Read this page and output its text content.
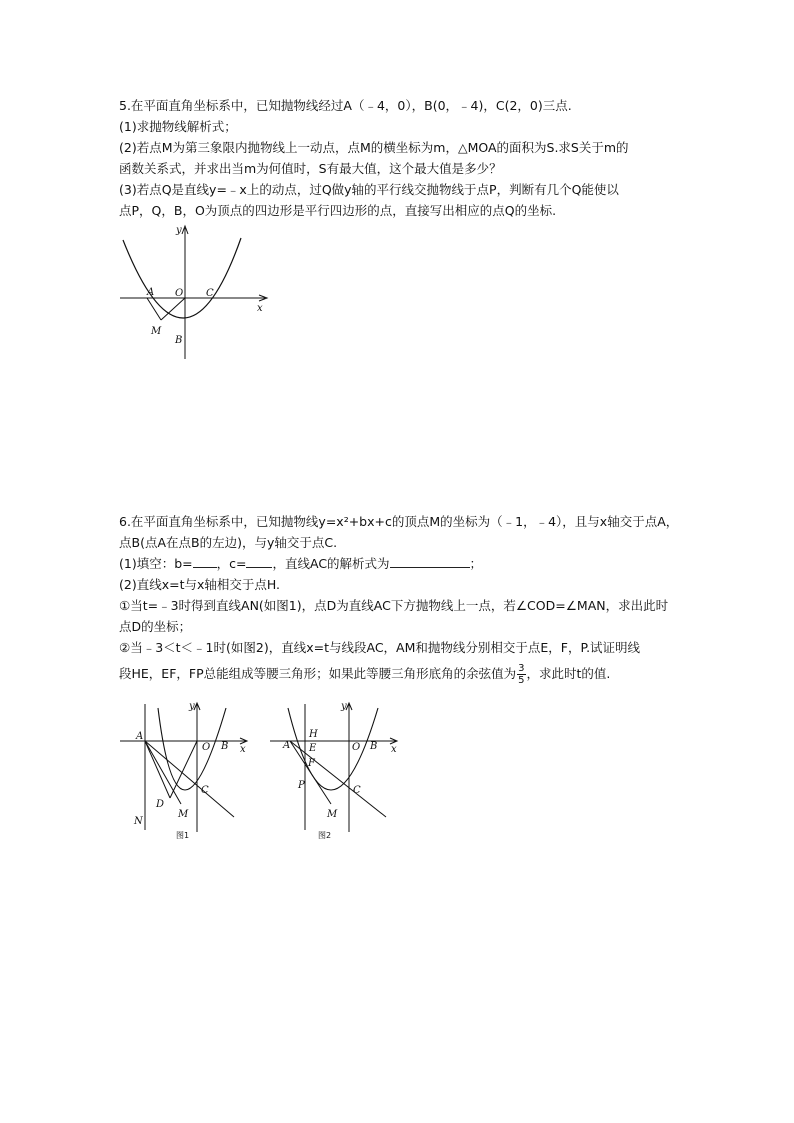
5.在平面直角坐标系中，已知抛物线经过A（﹣4，0），B(0，﹣4)，C(2，0)三点.

(1)求抛物线解析式；

(2)若点M为第三象限内抛物线上一动点，点M的横坐标为m，△MOA的面积为S.求S关于m的

函数关系式，并求出当m为何值时，S有最大值，这个最大值是多少？

(3)若点Q是直线y=﹣x上的动点，过Q做y轴的平行线交抛物线于点P，判断有几个Q能使以

点P，Q，B，O为顶点的四边形是平行四边形的点，直接写出相应的点Q的坐标.

y
x
A O C
M
B

6.在平面直角坐标系中，已知抛物线y=x²+bx+c的顶点M的坐标为（﹣1，﹣4），且与x轴交于点A，

点B(点A在点B的左边)，与y轴交于点C.

(1)填空：b= ，c= ，直线AC的解析式为	；

(2)直线x=t与x轴相交于点H.

①当t=﹣3时得到直线AN(如图1)，点D为直线AC下方抛物线上一点，若∠COD=∠MAN，求出此时

点D的坐标；

②当﹣3＜t＜﹣1时(如图2)，直线x=t与线段AC，AM和抛物线分别相交于点E，F，P.试证明线

段HE，EF，FP总能组成等腰三角形；如果此等腰三角形底角的余弦值为 $\frac{3}{5}$ ，求此时t的值.

y
A
O B x
C
D
M
N
图1
y
H
A E
F
O B x
P	C
M
图2
